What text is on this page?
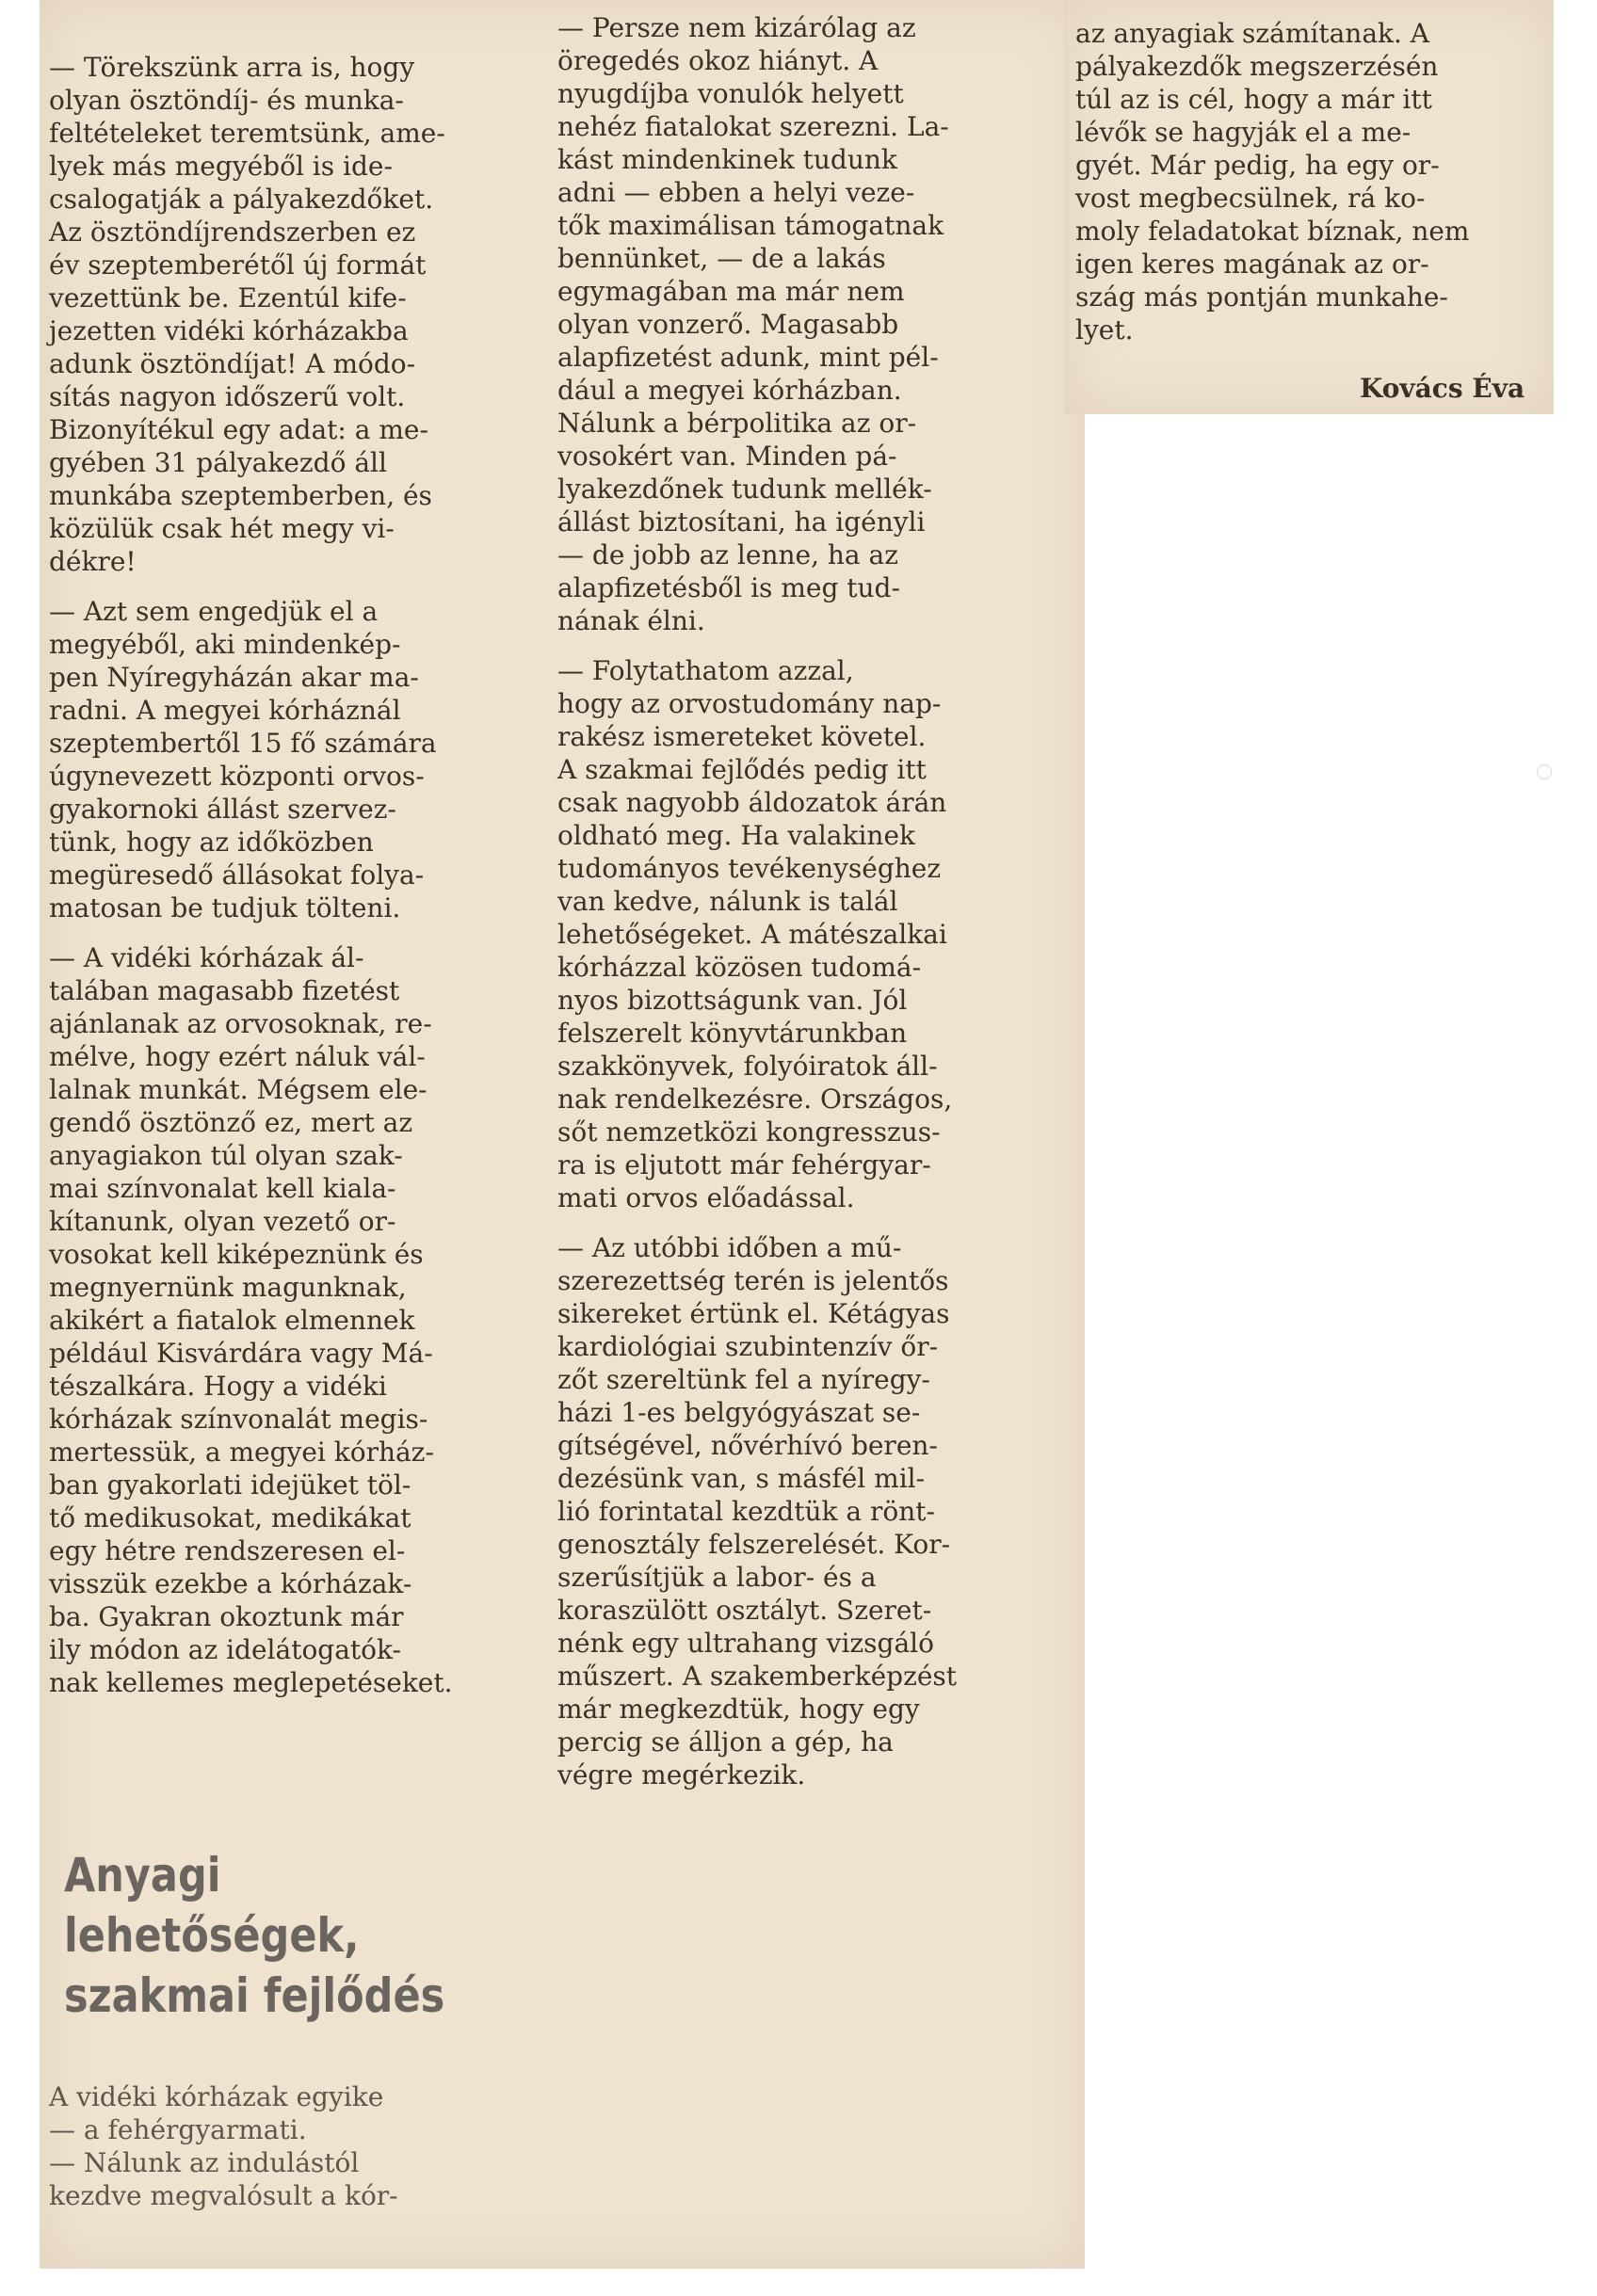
— Törekszünk arra is, hogy

olyan ösztöndíj- és munka-

feltételeket teremtsünk, ame-

lyek más megyéből is ide-

csalogatják a pályakezdőket.

Az ösztöndíjrendszerben ez

év szeptemberétől új formát

vezettünk be. Ezentúl kife-

jezetten vidéki kórházakba

adunk ösztöndíjat! A módo-

sítás nagyon időszerű volt.

Bizonyítékul egy adat: a me-

gyében 31 pályakezdő áll

munkába szeptemberben, és

közülük csak hét megy vi-

dékre!

— Azt sem engedjük el a

megyéből, aki mindenkép-

pen Nyíregyházán akar ma-

radni. A megyei kórháznál

szeptembertől 15 fő számára

úgynevezett központi orvos-

gyakornoki állást szervez-

tünk, hogy az időközben

megüresedő állásokat folya-

matosan be tudjuk tölteni.

— A vidéki kórházak ál-

talában magasabb fizetést

ajánlanak az orvosoknak, re-

mélve, hogy ezért náluk vál-

lalnak munkát. Mégsem ele-

gendő ösztönző ez, mert az

anyagiakon túl olyan szak-

mai színvonalat kell kiala-

kítanunk, olyan vezető or-

vosokat kell kiképeznünk és

megnyernünk magunknak,

akikért a fiatalok elmennek

például Kisvárdára vagy Má-

tészalkára. Hogy a vidéki

kórházak színvonalát megis-

mertessük, a megyei kórház-

ban gyakorlati idejüket töl-

tő medikusokat, medikákat

egy hétre rendszeresen el-

visszük ezekbe a kórházak-

ba. Gyakran okoztunk már

ily módon az idelátogatók-

nak kellemes meglepetéseket.

Anyagi
lehetőségek,
szakmai fejlődés

A vidéki kórházak egyike

— a fehérgyarmati.

— Nálunk az indulástól

kezdve megvalósult a kór-

— Persze nem kizárólag az

öregedés okoz hiányt. A

nyugdíjba vonulók helyett

nehéz fiatalokat szerezni. La-

kást mindenkinek tudunk

adni — ebben a helyi veze-

tők maximálisan támogatnak

bennünket, — de a lakás

egymagában ma már nem

olyan vonzerő. Magasabb

alapfizetést adunk, mint pél-

dául a megyei kórházban.

Nálunk a bérpolitika az or-

vosokért van. Minden pá-

lyakezdőnek tudunk mellék-

állást biztosítani, ha igényli

— de jobb az lenne, ha az

alapfizetésből is meg tud-

nának élni.

— Folytathatom azzal,

hogy az orvostudomány nap-

rakész ismereteket követel.

A szakmai fejlődés pedig itt

csak nagyobb áldozatok árán

oldható meg. Ha valakinek

tudományos tevékenységhez

van kedve, nálunk is talál

lehetőségeket. A mátészalkai

kórházzal közösen tudomá-

nyos bizottságunk van. Jól

felszerelt könyvtárunkban

szakkönyvek, folyóiratok áll-

nak rendelkezésre. Országos,

sőt nemzetközi kongresszus-

ra is eljutott már fehérgyar-

mati orvos előadással.

— Az utóbbi időben a mű-

szerezettség terén is jelentős

sikereket értünk el. Kétágyas

kardiológiai szubintenzív őr-

zőt szereltünk fel a nyíregy-

házi 1-es belgyógyászat se-

gítségével, nővérhívó beren-

dezésünk van, s másfél mil-

lió forintatal kezdtük a rönt-

genosztály felszerelését. Kor-

szerűsítjük a labor- és a

koraszülött osztályt. Szeret-

nénk egy ultrahang vizsgáló

műszert. A szakemberképzést

már megkezdtük, hogy egy

percig se álljon a gép, ha

végre megérkezik.

az anyagiak számítanak. A

pályakezdők megszerzésén

túl az is cél, hogy a már itt

lévők se hagyják el a me-

gyét. Már pedig, ha egy or-

vost megbecsülnek, rá ko-

moly feladatokat bíznak, nem

igen keres magának az or-

szág más pontján munkahe-

lyet.

Kovács Éva
